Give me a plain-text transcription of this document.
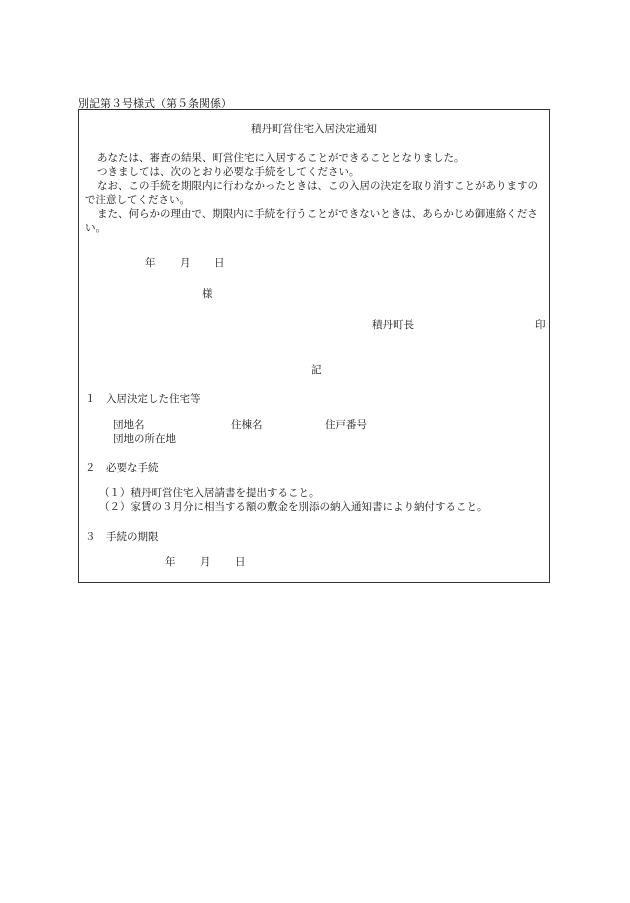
別記第３号様式（第５条関係）
積丹町営住宅入居決定通知
あなたは、審査の結果、町営住宅に入居することができることとなりました。
つきましては、次のとおり必要な手続をしてください。
なお、この手続を期限内に行わなかったときは、この入居の決定を取り消すことがありますので注意してください。
また、何らかの理由で、期限内に手続を行うことができないときは、あらかじめ御連絡ください。
年 月 日
様
積丹町長	印
記
１　入居決定した住宅等
団地名	住棟名	住戸番号
団地の所在地
２　必要な手続
（１）積丹町営住宅入居請書を提出すること。
（２）家賃の３月分に相当する額の敷金を別添の納入通知書により納付すること。
３　手続の期限
年 月 日
